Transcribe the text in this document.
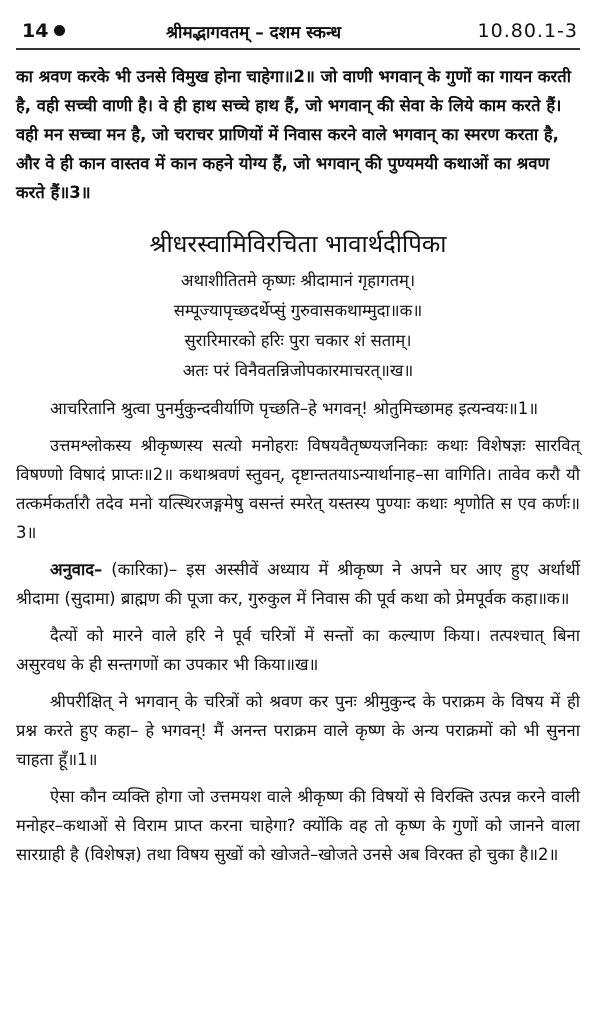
14	श्रीमद्भागवतम् – दशम स्कन्ध	10.80.1-3
का श्रवण करके भी उनसे विमुख होना चाहेगा॥2॥ जो वाणी भगवान् के गुणों का गायन करती है, वही सच्ची वाणी है। वे ही हाथ सच्चे हाथ हैं, जो भगवान् की सेवा के लिये काम करते हैं। वही मन सच्चा मन है, जो चराचर प्राणियों में निवास करने वाले भगवान् का स्मरण करता है, और वे ही कान वास्तव में कान कहने योग्य हैं, जो भगवान् की पुण्यमयी कथाओं का श्रवण करते हैं॥3॥
श्रीधरस्वामिविरचिता भावार्थदीपिका

अथाशीतितमे कृष्णः श्रीदामानं गृहागतम्।

सम्पूज्यापृच्छदर्थेप्सुं गुरुवासकथाम्मुदा॥क॥

सुरारिमारको हरिः पुरा चकार शं सताम्।

अतः परं विनैवतन्निजोपकारमाचरत्॥ख॥

आचरितानि श्रुत्वा पुनर्मुकुन्दवीर्याणि पृच्छति–हे भगवन्! श्रोतुमिच्छामह इत्यन्वयः॥1॥
उत्तमश्लोकस्य श्रीकृष्णस्य सत्यो मनोहराः विषयवैतृष्ण्यजनिकाः कथाः विशेषज्ञः सारवित् विषण्णो विषादं प्राप्तः॥2॥ कथाश्रवणं स्तुवन्, दृष्टान्ततयाऽन्यार्थानाह–सा वागिति। तावेव करौ यौ तत्कर्मकर्तारौ तदेव मनो यत्स्थिरजङ्गमेषु वसन्तं स्मरेत् यस्तस्य पुण्याः कथाः शृणोति स एव कर्णः॥3॥
अनुवाद– (कारिका)– इस अस्सीवें अध्याय में श्रीकृष्ण ने अपने घर आए हुए अर्थार्थी श्रीदामा (सुदामा) ब्राह्मण की पूजा कर, गुरुकुल में निवास की पूर्व कथा को प्रेमपूर्वक कहा॥क॥
दैत्यों को मारने वाले हरि ने पूर्व चरित्रों में सन्तों का कल्याण किया। तत्पश्चात् बिना असुरवध के ही सन्तगणों का उपकार भी किया॥ख॥
श्रीपरीक्षित् ने भगवान् के चरित्रों को श्रवण कर पुनः श्रीमुकुन्द के पराक्रम के विषय में ही प्रश्न करते हुए कहा– हे भगवन्! मैं अनन्त पराक्रम वाले कृष्ण के अन्य पराक्रमों को भी सुनना चाहता हूँ॥1॥
ऐसा कौन व्यक्ति होगा जो उत्तमयश वाले श्रीकृष्ण की विषयों से विरक्ति उत्पन्न करने वाली मनोहर–कथाओं से विराम प्राप्त करना चाहेगा? क्योंकि वह तो कृष्ण के गुणों को जानने वाला सारग्राही है (विशेषज्ञ) तथा विषय सुखों को खोजते–खोजते उनसे अब विरक्त हो चुका है॥2॥
